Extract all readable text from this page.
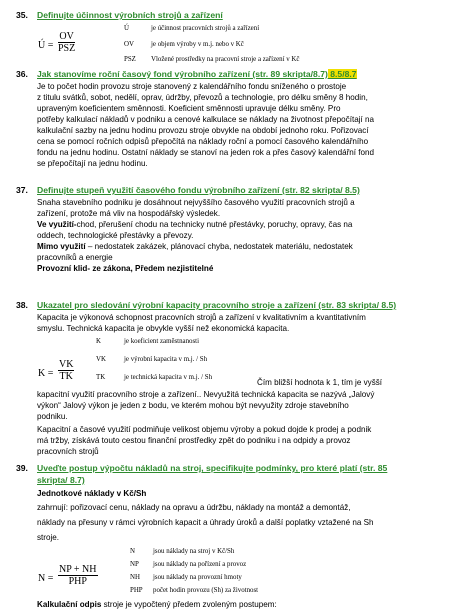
35. Definujte účinnost výrobních strojů a zařízení
Ú = $\frac{OV}{\text{PSZ}}$
Ú	je účinnost pracovních strojů a zařízení
OV je objem výroby v m.j. nebo v Kč
PSZ Vložené prostředky na pracovní stroje a zařízení v Kč
36. Jak stanovíme roční časový fond výrobního zařízení (str. 89 skripta/8.7) 8.5/8.7
Je to počet hodin provozu stroje stanovený z kalendářního fondu sníženého o prostoje
z titulu svátků, sobot, nedělí, oprav, údržby, převozů a technologie, pro délku směny 8 hodin,
upraveným koeficientem směnnosti. Koeficient směnnosti upravuje délku směny. Pro
potřeby kalkulací nákladů v podniku a cenové kalkulace se náklady na životnost přepočítají na
kalkulační sazby na jednu hodinu provozu stroje obvykle na období jednoho roku. Pořizovací
cena se pomocí ročních odpisů přepočítá na náklady roční a pomocí časového kalendářního
fondu na jednu hodinu. Ostatní náklady se stanoví na jeden rok a přes časový kalendářní fond
se přepočítají na jednu hodinu.
37. Definujte stupeň využití časového fondu výrobního zařízení (str. 82 skripta/ 8.5)
Snaha stavebního podniku je dosáhnout nejvyššího časového využití pracovních strojů a
zařízení, protože má vliv na hospodářský výsledek.
Ve využití-chod, přerušení chodu na technicky nutné přestávky, poruchy, opravy, čas na
oddech, technologické přestávky a převozy.
Mimo využití – nedostatek zakázek, plánovací chyba, nedostatek materiálu, nedostatek
pracovníků a energie
Provozní klid- ze zákona, Předem nezjistitelné
38. Ukazatel pro sledování výrobní kapacity pracovního stroje a zařízení (str. 83 skripta/ 8.5)
Kapacita je výkonová schopnost pracovních strojů a zařízení v kvalitativním a kvantitativním
smyslu. Technická kapacita je obvykle vyšší než ekonomická kapacita.
$K = \frac{VK}{TK}$
K	je koeficient zaměstnanosti
VK	je výrobní kapacita v m.j. / Sh
TK	je technická kapacita v m.j. / Sh
Čím bližší hodnota k 1, tím je vyšší
kapacitní využití pracovního stroje a zařízení.. Nevyužitá technická kapacita se nazývá „Jalový
výkon“ Jalový výkon je jeden z bodu, ve kterém mohou být nevyužity zdroje stavebního
podniku.
Kapacitní a časové využití podmiňuje velikost objemu výroby a pokud dojde k prodej a podnik
má tržby, získává touto cestou finanční prostředky zpět do podniku i na odpidy a provoz
pracovních strojů
39. Uveďte postup výpočtu nákladů na stroj, specifikujte podmínky, pro které platí (str. 85
skripta/ 8.7)
Jednotkové náklady v Kč/Sh
zahrnují: pořizovací cenu, náklady na opravu a údržbu, náklady na montáž a demontáž,
náklady na přesuny v rámci výrobních kapacit a úhrady úroků a další poplatky vztažené na Sh
stroje.
$N = \frac{NP + NH}{\text{PHP}}$
N	jsou náklady na stroj v Kč/Sh
NP jsou náklady na pořízení a provoz
NH jsou náklady na provozní hmoty
PHP počet hodin provozu (Sh) za životnost
Kalkulační odpis stroje je vypočtený předem zvoleným postupem:
